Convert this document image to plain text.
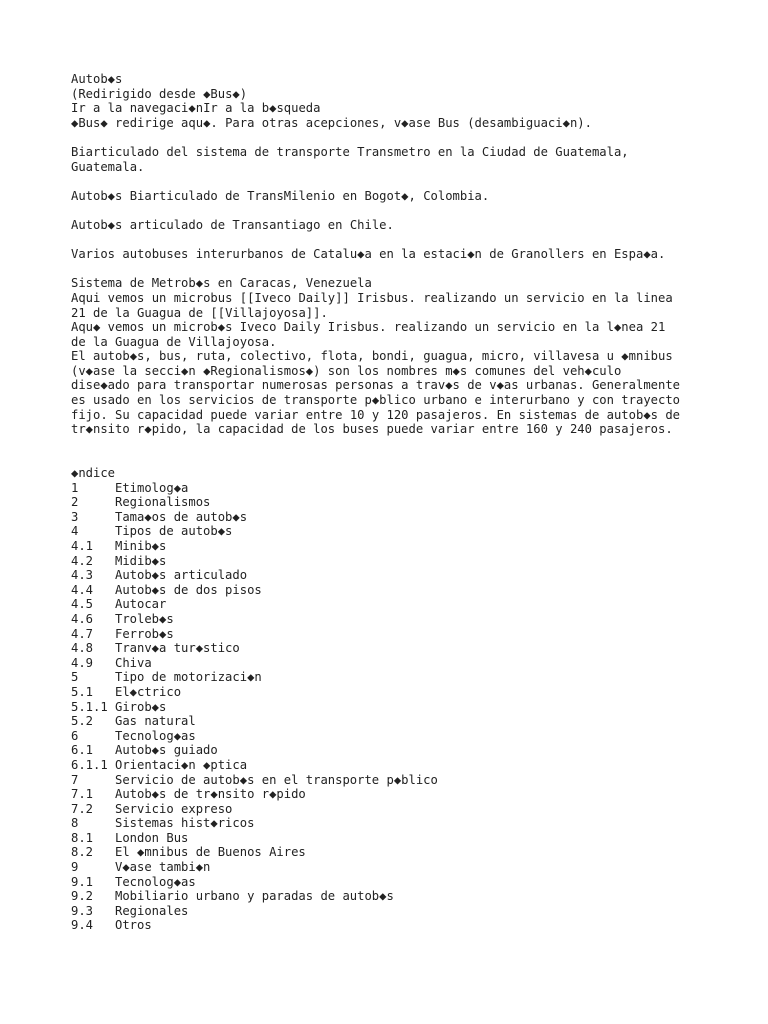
Autob◆s
(Redirigido desde ◆Bus◆)
Ir a la navegaci◆nIr a la b◆squeda
◆Bus◆ redirige aqu◆. Para otras acepciones, v◆ase Bus (desambiguaci◆n).
Biarticulado del sistema de transporte Transmetro en la Ciudad de Guatemala,
Guatemala.
Autob◆s Biarticulado de TransMilenio en Bogot◆, Colombia.
Autob◆s articulado de Transantiago en Chile.
Varios autobuses interurbanos de Catalu◆a en la estaci◆n de Granollers en Espa◆a.
Sistema de Metrob◆s en Caracas, Venezuela
Aqui vemos un microbus [[Iveco Daily]] Irisbus. realizando un servicio en la linea
21 de la Guagua de [[Villajoyosa]].
Aqu◆ vemos un microb◆s Iveco Daily Irisbus. realizando un servicio en la l◆nea 21
de la Guagua de Villajoyosa.
El autob◆s, bus, ruta, colectivo, flota, bondi, guagua, micro, villavesa u ◆mnibus
(v◆ase la secci◆n ◆Regionalismos◆) son los nombres m◆s comunes del veh◆culo
dise◆ado para transportar numerosas personas a trav◆s de v◆as urbanas. Generalmente
es usado en los servicios de transporte p◆blico urbano e interurbano y con trayecto
fijo. Su capacidad puede variar entre 10 y 120 pasajeros. En sistemas de autob◆s de
tr◆nsito r◆pido, la capacidad de los buses puede variar entre 160 y 240 pasajeros.
◆ndice
1	Etimolog◆a
2	Regionalismos
3	Tama◆os de autob◆s
4	Tipos de autob◆s
4.1	Minib◆s
4.2	Midib◆s
4.3	Autob◆s articulado
4.4	Autob◆s de dos pisos
4.5	Autocar
4.6	Troleb◆s
4.7	Ferrob◆s
4.8	Tranv◆a tur◆stico
4.9	Chiva
5	Tipo de motorizaci◆n
5.1	El◆ctrico
5.1.1 Girob◆s
5.2	Gas natural
6	Tecnolog◆as
6.1	Autob◆s guiado
6.1.1 Orientaci◆n ◆ptica
7	Servicio de autob◆s en el transporte p◆blico
7.1	Autob◆s de tr◆nsito r◆pido
7.2	Servicio expreso
8	Sistemas hist◆ricos
8.1	London Bus
8.2	El ◆mnibus de Buenos Aires
9	V◆ase tambi◆n
9.1	Tecnolog◆as
9.2	Mobiliario urbano y paradas de autob◆s
9.3	Regionales
9.4	Otros
